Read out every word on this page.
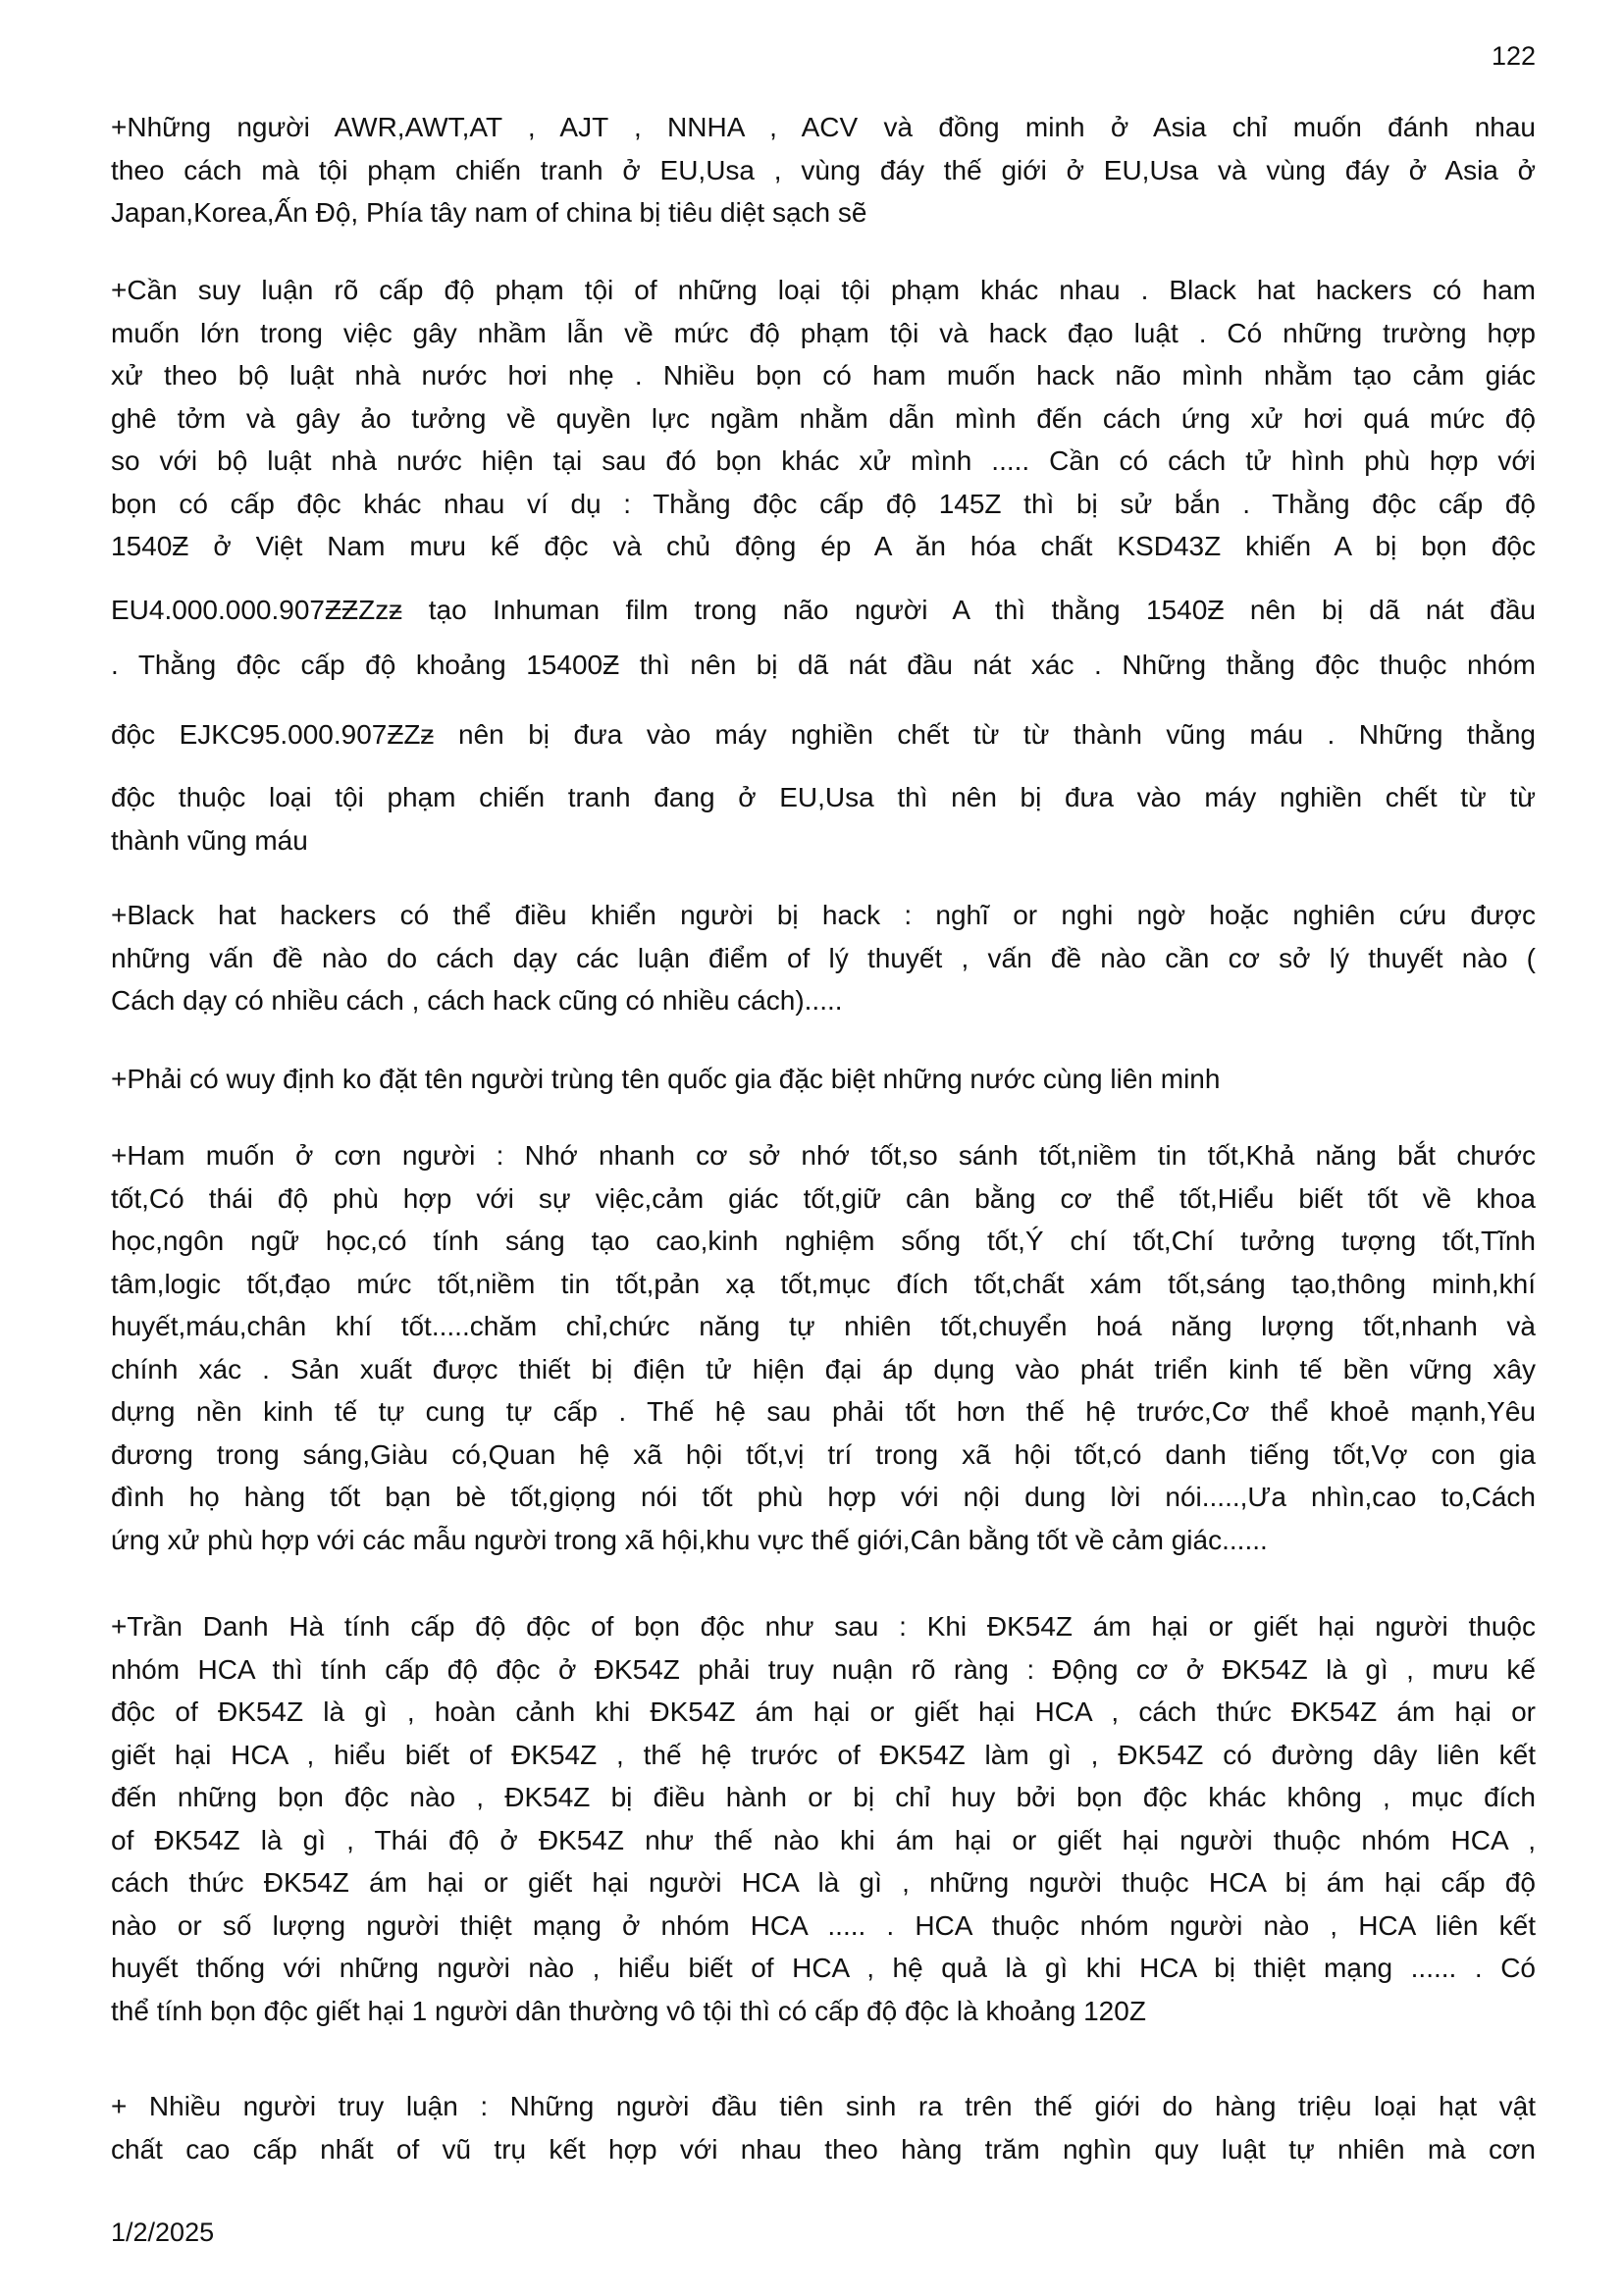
122
+Những người AWR,AWT,AT , AJT , NNHA , ACV và đồng minh ở Asia chỉ muốn đánh nhau
theo cách mà tội phạm chiến tranh ở EU,Usa , vùng đáy thế giới ở EU,Usa và vùng đáy ở Asia ở
Japan,Korea,Ấn Độ, Phía tây nam of china bị tiêu diệt sạch sẽ
+Cần suy luận rõ cấp độ phạm tội of những loại tội phạm khác nhau . Black hat hackers có ham
muốn lớn trong việc gây nhầm lẫn về mức độ phạm tội và hack đạo luật . Có những trường hợp
xử theo bộ luật nhà nước hơi nhẹ . Nhiều bọn có ham muốn hack não mình nhằm tạo cảm giác
ghê tởm và gây ảo tưởng về quyền lực ngầm nhằm dẫn mình đến cách ứng xử hơi quá mức độ
so với bộ luật nhà nước hiện tại sau đó bọn khác xử mình ..... Cần có cách tử hình phù hợp với
bọn có cấp độc khác nhau ví dụ : Thằng độc cấp độ 145Z thì bị sử bắn . Thằng độc cấp độ
1540Ƶ ở Việt Nam mưu kế độc và chủ động ép A ăn hóa chất KSD43Z khiến A bị bọn độc
EU4.000.000.907ƵƵZzƶ tạo Inhuman film trong não người A thì thằng 1540Ƶ nên bị dã nát đầu
. Thằng độc cấp độ khoảng 15400Ƶ thì nên bị dã nát đầu nát xác . Những thằng độc thuộc nhóm
độc EJKC95.000.907ƵZƶ nên bị đưa vào máy nghiền chết từ từ thành vũng máu . Những thằng
độc thuộc loại tội phạm chiến tranh đang ở EU,Usa thì nên bị đưa vào máy nghiền chết từ từ
thành vũng máu
+Black hat hackers có thể điều khiển người bị hack : nghĩ or nghi ngờ hoặc nghiên cứu được
những vấn đề nào do cách dạy các luận điểm of lý thuyết , vấn đề nào cần cơ sở lý thuyết nào (
Cách dạy có nhiều cách , cách hack cũng có nhiều cách).....
+Phải có wuy định ko đặt tên người trùng tên quốc gia đặc biệt những nước cùng liên minh
+Ham muốn ở cơn người : Nhớ nhanh cơ sở nhớ tốt,so sánh tốt,niềm tin tốt,Khả năng bắt chước
tốt,Có thái độ phù hợp với sự việc,cảm giác tốt,giữ cân bằng cơ thể tốt,Hiểu biết tốt về khoa
học,ngôn ngữ học,có tính sáng tạo cao,kinh nghiệm sống tốt,Ý chí tốt,Chí tưởng tượng tốt,Tĩnh
tâm,logic tốt,đạo mức tốt,niềm tin tốt,pản xạ tốt,mục đích tốt,chất xám tốt,sáng tạo,thông minh,khí
huyết,máu,chân khí tốt.....chăm chỉ,chức năng tự nhiên tốt,chuyển hoá năng lượng tốt,nhanh và
chính xác . Sản xuất được thiết bị điện tử hiện đại áp dụng vào phát triển kinh tế bền vững xây
dựng nền kinh tế tự cung tự cấp . Thế hệ sau phải tốt hơn thế hệ trước,Cơ thể khoẻ mạnh,Yêu
đương trong sáng,Giàu có,Quan hệ xã hội tốt,vị trí trong xã hội tốt,có danh tiếng tốt,Vợ con gia
đình họ hàng tốt bạn bè tốt,giọng nói tốt phù hợp với nội dung lời nói.....,Ưa nhìn,cao to,Cách
ứng xử phù hợp với các mẫu người trong xã hội,khu vực thế giới,Cân bằng tốt về cảm giác......
+Trần Danh Hà tính cấp độ độc of bọn độc như sau : Khi ĐK54Z ám hại or giết hại người thuộc
nhóm HCA thì tính cấp độ độc ở ĐK54Z phải truy nuận rõ ràng : Động cơ ở ĐK54Z là gì , mưu kế
độc of ĐK54Z là gì , hoàn cảnh khi ĐK54Z ám hại or giết hại HCA , cách thức ĐK54Z ám hại or
giết hại HCA , hiểu biết of ĐK54Z , thế hệ trước of ĐK54Z làm gì , ĐK54Z có đường dây liên kết
đến những bọn độc nào , ĐK54Z bị điều hành or bị chỉ huy bởi bọn độc khác không , mục đích
of ĐK54Z là gì , Thái độ ở ĐK54Z như thế nào khi ám hại or giết hại người thuộc nhóm HCA ,
cách thức ĐK54Z ám hại or giết hại người HCA là gì , những người thuộc HCA bị ám hại cấp độ
nào or số lượng người thiệt mạng ở nhóm HCA ..... . HCA thuộc nhóm người nào , HCA liên kết
huyết thống với những người nào , hiểu biết of HCA , hệ quả là gì khi HCA bị thiệt mạng ...... . Có
thể tính bọn độc giết hại 1 người dân thường vô tội thì có cấp độ độc là khoảng 120Z
+ Nhiều người truy luận : Những người đầu tiên sinh ra trên thế giới do hàng triệu loại hạt vật
chất cao cấp nhất of vũ trụ kết hợp với nhau theo hàng trăm nghìn quy luật tự nhiên mà cơn
1/2/2025
